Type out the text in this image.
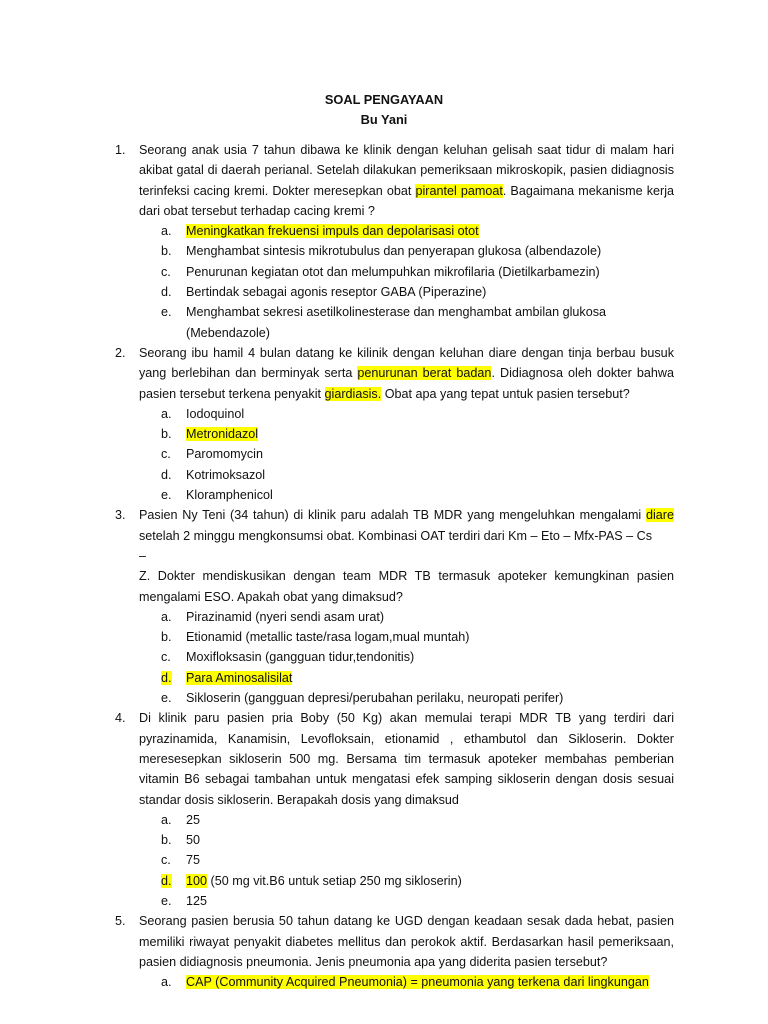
SOAL PENGAYAAN
Bu Yani
1.	Seorang anak usia 7 tahun dibawa ke klinik dengan keluhan gelisah saat tidur di malam hari akibat gatal di daerah perianal. Setelah dilakukan pemeriksaan mikroskopik, pasien didiagnosis terinfeksi cacing kremi. Dokter meresepkan obat pirantel pamoat. Bagaimana mekanisme kerja dari obat tersebut terhadap cacing kremi ?
a.	Meningkatkan frekuensi impuls dan depolarisasi otot
b.	Menghambat sintesis mikrotubulus dan penyerapan glukosa (albendazole)
c.	Penurunan kegiatan otot dan melumpuhkan mikrofilaria (Dietilkarbamezin)
d.	Bertindak sebagai agonis reseptor GABA (Piperazine)
e.	Menghambat sekresi asetilkolinesterase dan menghambat ambilan glukosa (Mebendazole)
2.	Seorang ibu hamil 4 bulan datang ke kilinik dengan keluhan diare dengan tinja berbau busuk yang berlebihan dan berminyak serta penurunan berat badan. Didiagnosa oleh dokter bahwa pasien tersebut terkena penyakit giardiasis. Obat apa yang tepat untuk pasien tersebut?
a.	Iodoquinol
b.	Metronidazol
c.	Paromomycin
d.	Kotrimoksazol
e.	Kloramphenicol
3.	Pasien Ny Teni (34 tahun) di klinik paru adalah TB MDR yang mengeluhkan mengalami diare setelah 2 minggu mengkonsumsi obat. Kombinasi OAT terdiri dari Km – Eto – Mfx-PAS – Cs
–
Z. Dokter mendiskusikan dengan team MDR TB termasuk apoteker kemungkinan pasien mengalami ESO. Apakah obat yang dimaksud?
a.	Pirazinamid (nyeri sendi asam urat)
b.	Etionamid (metallic taste/rasa logam,mual muntah)
c.	Moxifloksasin (gangguan tidur,tendonitis)
d.	Para Aminosalisilat
e.	Sikloserin (gangguan depresi/perubahan perilaku, neuropati perifer)
4.	Di klinik paru pasien pria Boby (50 Kg) akan memulai terapi MDR TB yang terdiri dari pyrazinamida, Kanamisin, Levofloksain, etionamid , ethambutol dan Sikloserin. Dokter meresesepkan sikloserin 500 mg. Bersama tim termasuk apoteker membahas pemberian vitamin B6 sebagai tambahan untuk mengatasi efek samping sikloserin dengan dosis sesuai standar dosis sikloserin. Berapakah dosis yang dimaksud
a.	25
b.	50
c.	75
d.	100 (50 mg vit.B6 untuk setiap 250 mg sikloserin)
e.	125
5.	Seorang pasien berusia 50 tahun datang ke UGD dengan keadaan sesak dada hebat, pasien memiliki riwayat penyakit diabetes mellitus dan perokok aktif. Berdasarkan hasil pemeriksaan, pasien didiagnosis pneumonia. Jenis pneumonia apa yang diderita pasien tersebut?
a.	CAP (Community Acquired Pneumonia) = pneumonia yang terkena dari lingkungan
